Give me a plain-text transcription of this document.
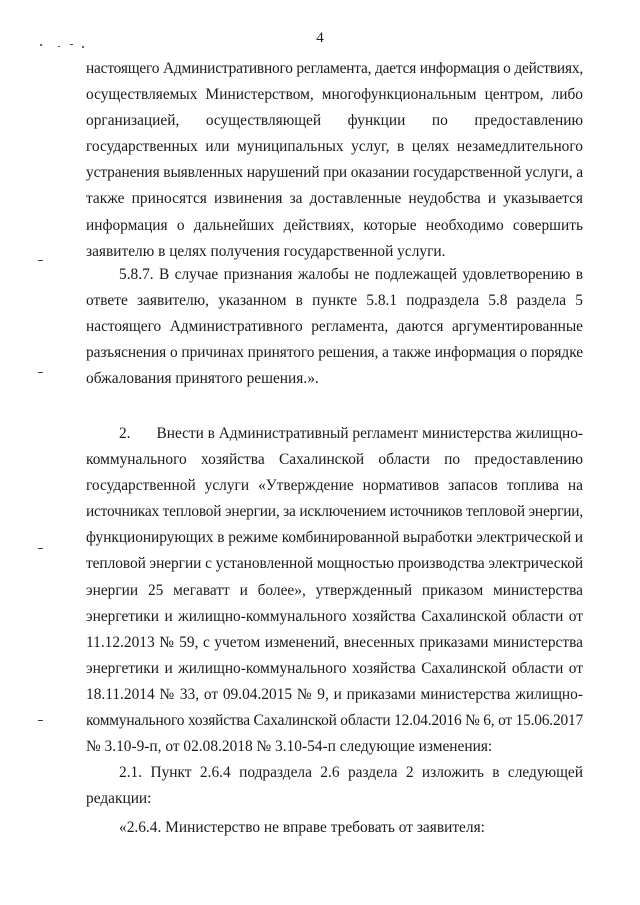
4
настоящего Административного регламента, дается информация о действиях,
осуществляемых Министерством, многофункциональным центром, либо
организацией, осуществляющей функции по предоставлению
государственных или муниципальных услуг, в целях незамедлительного
устранения выявленных нарушений при оказании государственной услуги, а
также приносятся извинения за доставленные неудобства и указывается
информация о дальнейших действиях, которые необходимо совершить
заявителю в целях получения государственной услуги.
5.8.7. В случае признания жалобы не подлежащей удовлетворению в
ответе заявителю, указанном в пункте 5.8.1 подраздела 5.8 раздела 5
настоящего Административного регламента, даются аргументированные
разъяснения о причинах принятого решения, а также информация о порядке
обжалования принятого решения.».
2. Внести в Административный регламент министерства жилищно-
коммунального хозяйства Сахалинской области по предоставлению
государственной услуги «Утверждение нормативов запасов топлива на
источниках тепловой энергии, за исключением источников тепловой энергии,
функционирующих в режиме комбинированной выработки электрической и
тепловой энергии с установленной мощностью производства электрической
энергии 25 мегаватт и более», утвержденный приказом министерства
энергетики и жилищно-коммунального хозяйства Сахалинской области от
11.12.2013 № 59, с учетом изменений, внесенных приказами министерства
энергетики и жилищно-коммунального хозяйства Сахалинской области от
18.11.2014 № 33, от 09.04.2015 № 9, и приказами министерства жилищно-
коммунального хозяйства Сахалинской области 12.04.2016 № 6, от 15.06.2017
№ 3.10-9-п, от 02.08.2018 № 3.10-54-п следующие изменения:
2.1. Пункт 2.6.4 подраздела 2.6 раздела 2 изложить в следующей
редакции:
«2.6.4. Министерство не вправе требовать от заявителя:
